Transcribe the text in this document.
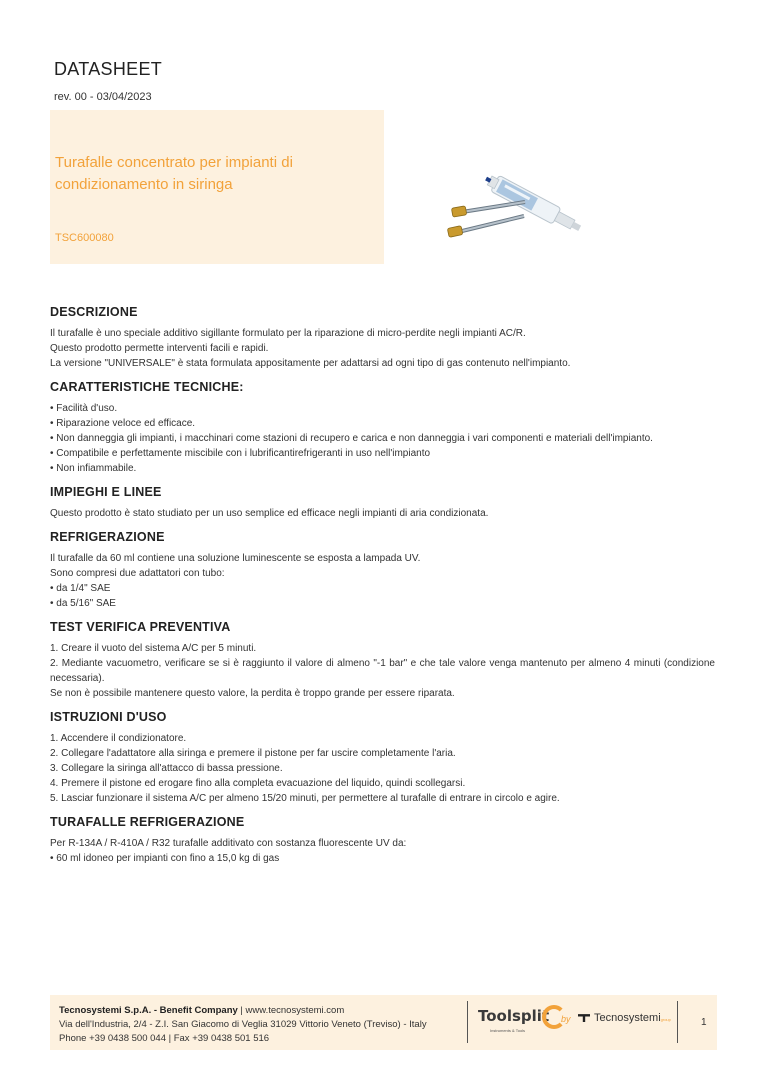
DATASHEET
rev. 00 - 03/04/2023
Turafalle concentrato per impianti di
condizionamento in siringa
TSC600080
DESCRIZIONE
Il turafalle è uno speciale additivo sigillante formulato per la riparazione di micro-perdite negli impianti AC/R.
Questo prodotto permette interventi facili e rapidi.
La versione "UNIVERSALE" è stata formulata appositamente per adattarsi ad ogni tipo di gas contenuto nell'impianto.
CARATTERISTICHE TECNICHE:
• Facilità d'uso.
• Riparazione veloce ed efficace.
• Non danneggia gli impianti, i macchinari come stazioni di recupero e carica e non danneggia i vari componenti e materiali dell'impianto.
• Compatibile e perfettamente miscibile con i lubrificantirefrigeranti in uso nell'impianto
• Non infiammabile.
IMPIEGHI E LINEE
Questo prodotto è stato studiato per un uso semplice ed efficace negli impianti di aria condizionata.
REFRIGERAZIONE
Il turafalle da 60 ml contiene una soluzione luminescente se esposta a lampada UV.
Sono compresi due adattatori con tubo:
• da 1/4" SAE
• da 5/16" SAE
TEST VERIFICA PREVENTIVA
1. Creare il vuoto del sistema A/C per 5 minuti.
2. Mediante vacuometro, verificare se si è raggiunto il valore di almeno "-1 bar" e che tale valore venga mantenuto per almeno 4 minuti (condizione necessaria).
Se non è possibile mantenere questo valore, la perdita è troppo grande per essere riparata.
ISTRUZIONI D'USO
1. Accendere il condizionatore.
2. Collegare l'adattatore alla siringa e premere il pistone per far uscire completamente l'aria.
3. Collegare la siringa all'attacco di bassa pressione.
4. Premere il pistone ed erogare fino alla completa evacuazione del liquido, quindi scollegarsi.
5. Lasciar funzionare il sistema A/C per almeno 15/20 minuti, per permettere al turafalle di entrare in circolo e agire.
TURAFALLE REFRIGERAZIONE
Per R-134A / R-410A / R32 turafalle additivato con sostanza fluorescente UV da:
• 60 ml idoneo per impianti con fino a 15,0 kg di gas
Tecnosystemi S.p.A. - Benefit Company | www.tecnosystemi.com
Via dell'Industria, 2/4 - Z.I. San Giacomo di Veglia 31029 Vittorio Veneto (Treviso) - Italy
Phone +39 0438 500 044 | Fax +39 0438 501 516
Toolsplit
Instruments & Tools
by	Tecnosystemigroup	1
